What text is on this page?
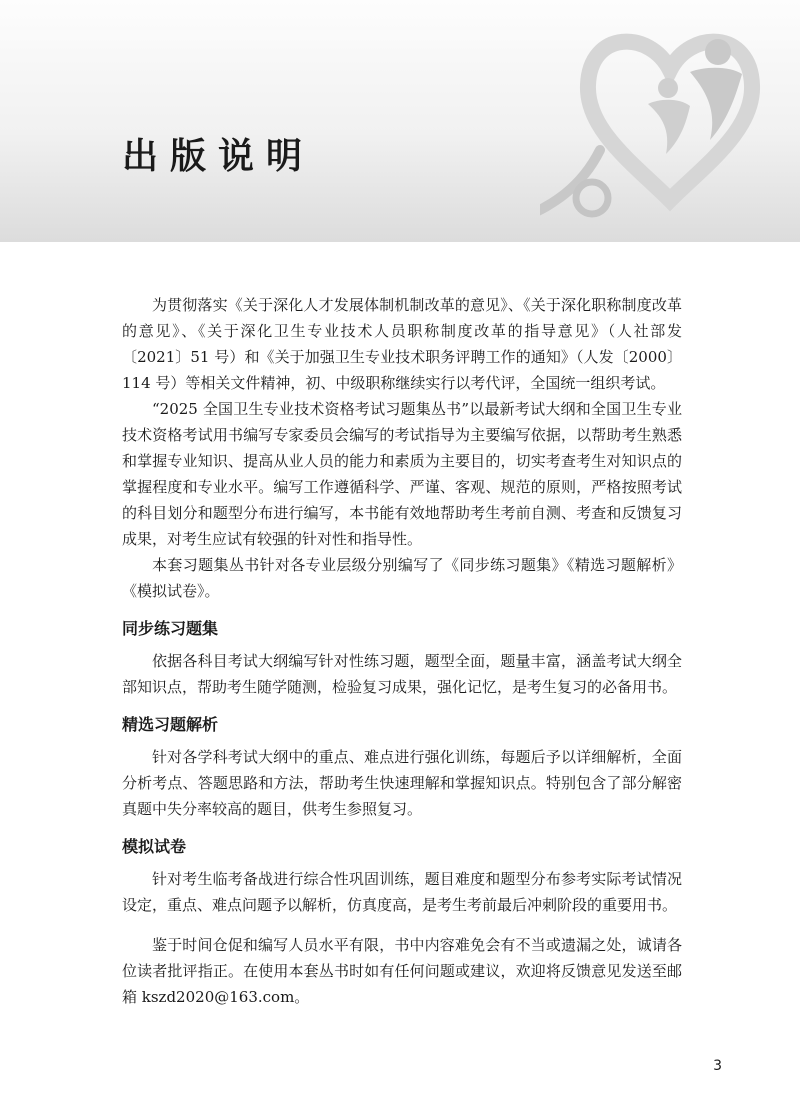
出版说明

为贯彻落实《关于深化人才发展体制机制改革的意见》、《关于深化职称制度改革的意见》、《关于深化卫生专业技术人员职称制度改革的指导意见》（人社部发〔2021〕51 号）和《关于加强卫生专业技术职务评聘工作的通知》（人发〔2000〕114 号）等相关文件精神，初、中级职称继续实行以考代评，全国统一组织考试。

“2025 全国卫生专业技术资格考试习题集丛书”以最新考试大纲和全国卫生专业技术资格考试用书编写专家委员会编写的考试指导为主要编写依据，以帮助考生熟悉和掌握专业知识、提高从业人员的能力和素质为主要目的，切实考查考生对知识点的掌握程度和专业水平。编写工作遵循科学、严谨、客观、规范的原则，严格按照考试的科目划分和题型分布进行编写，本书能有效地帮助考生考前自测、考查和反馈复习成果，对考生应试有较强的针对性和指导性。

本套习题集丛书针对各专业层级分别编写了《同步练习题集》《精选习题解析》《模拟试卷》。

同步练习题集

依据各科目考试大纲编写针对性练习题，题型全面，题量丰富，涵盖考试大纲全部知识点，帮助考生随学随测，检验复习成果，强化记忆，是考生复习的必备用书。

精选习题解析

针对各学科考试大纲中的重点、难点进行强化训练，每题后予以详细解析，全面分析考点、答题思路和方法，帮助考生快速理解和掌握知识点。特别包含了部分解密真题中失分率较高的题目，供考生参照复习。

模拟试卷

针对考生临考备战进行综合性巩固训练，题目难度和题型分布参考实际考试情况设定，重点、难点问题予以解析，仿真度高，是考生考前最后冲刺阶段的重要用书。

鉴于时间仓促和编写人员水平有限，书中内容难免会有不当或遗漏之处，诚请各位读者批评指正。在使用本套丛书时如有任何问题或建议，欢迎将反馈意见发送至邮箱 kszd2020@163.com。

3
